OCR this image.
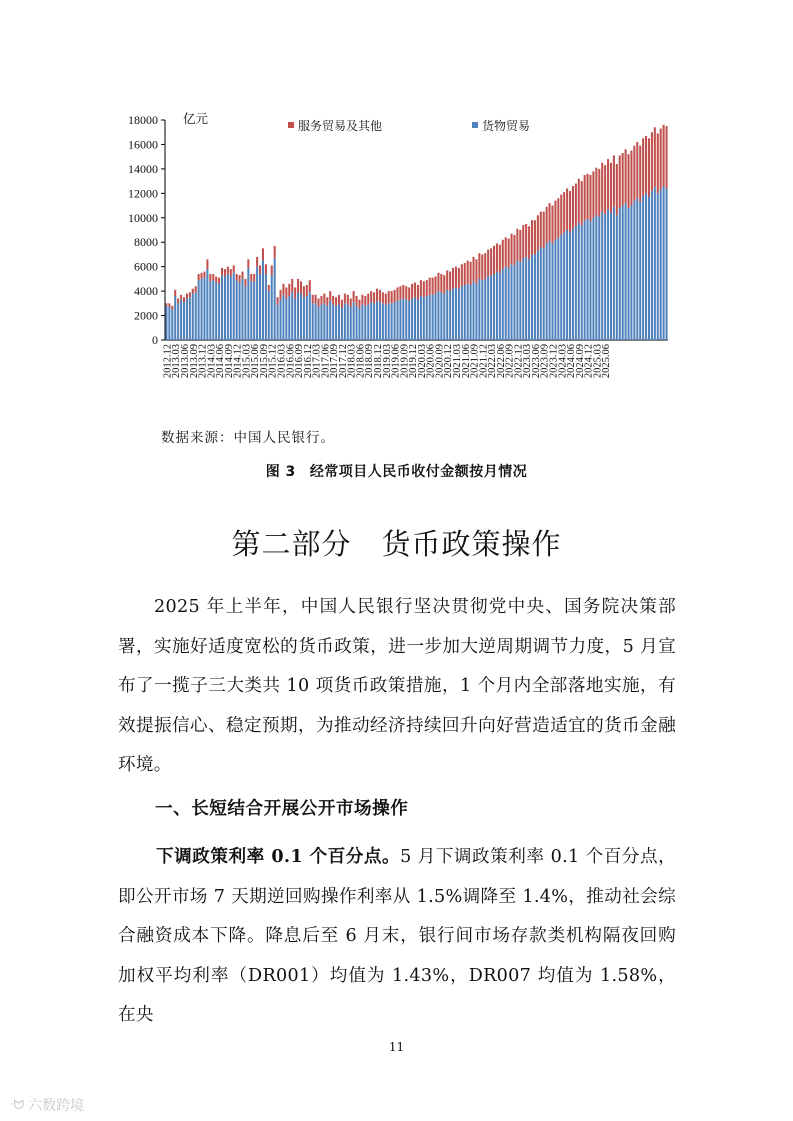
0
2000
4000
6000
8000
10000
12000
14000
16000
18000 亿元	服务贸易及其他	货物贸易
2012.12
2013.03
2013.06
2013.09
2013.12
2014.03
2014.06
2014.09
2014.12
2015.03
2015.06
2015.09
2015.12
2016.03
2016.06
2016.09
2016.12
2017.03
2017.06
2017.09
2017.12
2018.03
2018.06
2018.09
2018.12
2019.03
2019.06
2019.09
2019.12
2020.03
2020.06
2020.09
2020.12
2021.03
2021.06
2021.09
2021.12
2022.03
2022.06
2022.09
2022.12
2023.03
2023.06
2023.09
2023.12
2024.03
2024.06
2024.09
2024.12
2025.03
2025.06
数据来源：中国人民银行。
图 3 经常项目人民币收付金额按月情况
第二部分　货币政策操作
2025 年上半年，中国人民银行坚决贯彻党中央、国务院决策部署，实施好适度宽松的货币政策，进一步加大逆周期调节力度，5 月宣布了一揽子三大类共 10 项货币政策措施，1 个月内全部落地实施，有效提振信心、稳定预期，为推动经济持续回升向好营造适宜的货币金融环境。
一、长短结合开展公开市场操作
下调政策利率 0.1 个百分点。5 月下调政策利率 0.1 个百分点，即公开市场 7 天期逆回购操作利率从 1.5%调降至 1.4%，推动社会综合融资成本下降。降息后至 6 月末，银行间市场存款类机构隔夜回购加权平均利率（DR001）均值为 1.43%，DR007 均值为 1.58%，在央
11
ᐧᗢ 六数跨境
